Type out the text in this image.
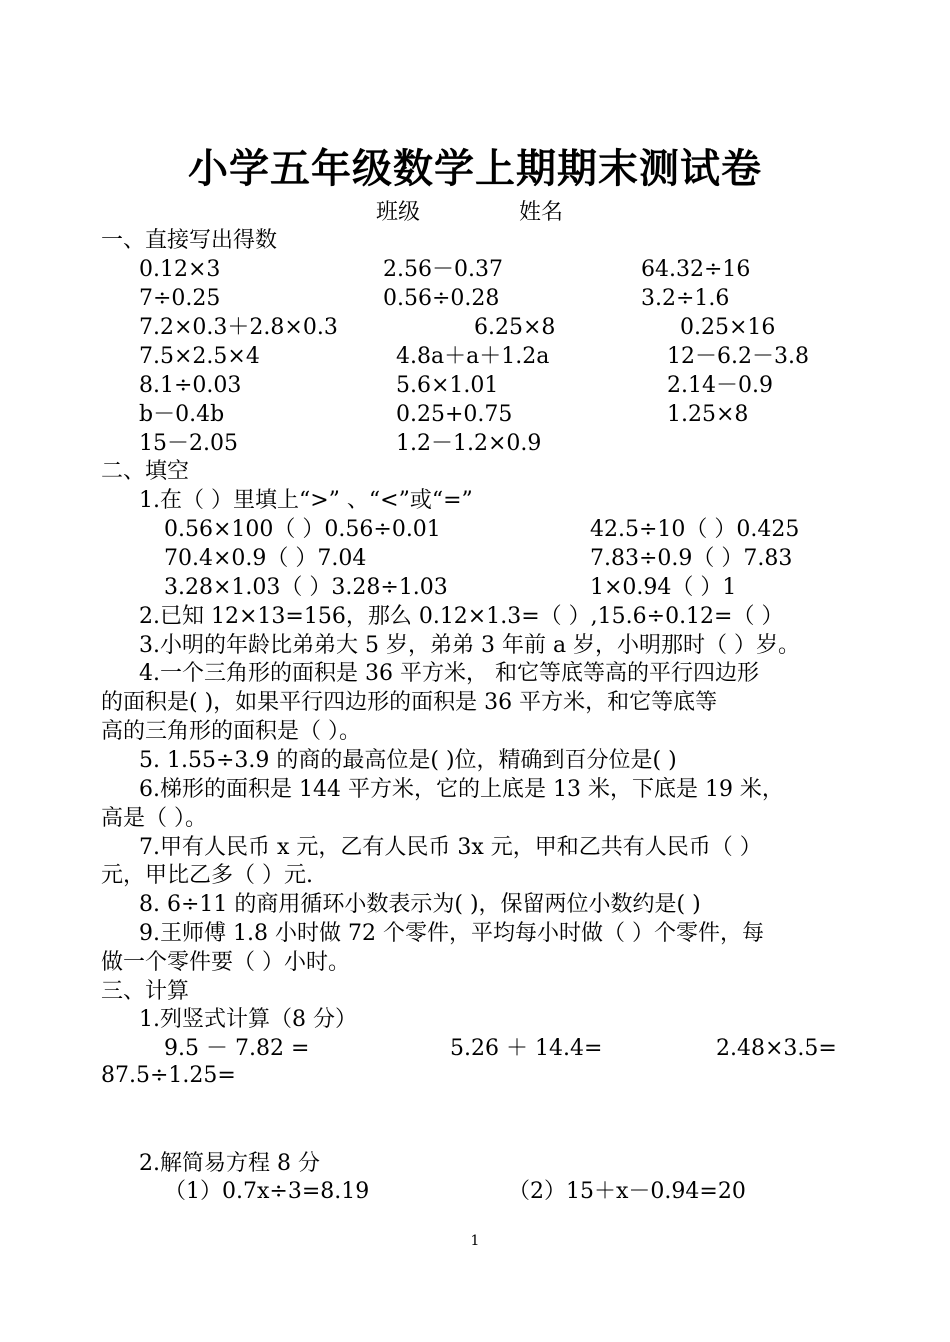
小学五年级数学上期期末测试卷
班级	姓名
一、直接写出得数
0.12×3	2.56－0.37	64.32÷16
7÷0.25	0.56÷0.28	3.2÷1.6
7.2×0.3＋2.8×0.3	6.25×8	0.25×16
7.5×2.5×4	4.8a＋a＋1.2a	12－6.2－3.8
8.1÷0.03	5.6×1.01	2.14－0.9
b－0.4b	0.25+0.75	1.25×8
15－2.05	1.2－1.2×0.9
二、填空
1.在（ ）里填上“>” 、“<”或“=”
0.56×100（ ）0.56÷0.01	42.5÷10（ ）0.425
70.4×0.9（ ）7.04	7.83÷0.9（ ）7.83
3.28×1.03（ ）3.28÷1.03	1×0.94（ ）1
2.已知 12×13=156，那么 0.12×1.3=（ ）,15.6÷0.12=（ ）
3.小明的年龄比弟弟大 5 岁，弟弟 3 年前 a 岁，小明那时（ ）岁。
4.一个三角形的面积是 36 平方米， 和它等底等高的平行四边形
的面积是( )，如果平行四边形的面积是 36 平方米，和它等底等
高的三角形的面积是（ ）。
5. 1.55÷3.9 的商的最高位是( )位，精确到百分位是( )
6.梯形的面积是 144 平方米，它的上底是 13 米，下底是 19 米，
高是（ ）。
7.甲有人民币 x 元，乙有人民币 3x 元，甲和乙共有人民币（ ）
元，甲比乙多（ ）元.
8. 6÷11 的商用循环小数表示为( )，保留两位小数约是( )
9.王师傅 1.8 小时做 72 个零件，平均每小时做（ ）个零件，每
做一个零件要（ ）小时。
三、计算
1.列竖式计算（8 分）
9.5 － 7.82 =	5.26 ＋ 14.4=	2.48×3.5=
87.5÷1.25=
2.解简易方程 8 分
（1）0.7x÷3=8.19	（2）15＋x－0.94=20
1
